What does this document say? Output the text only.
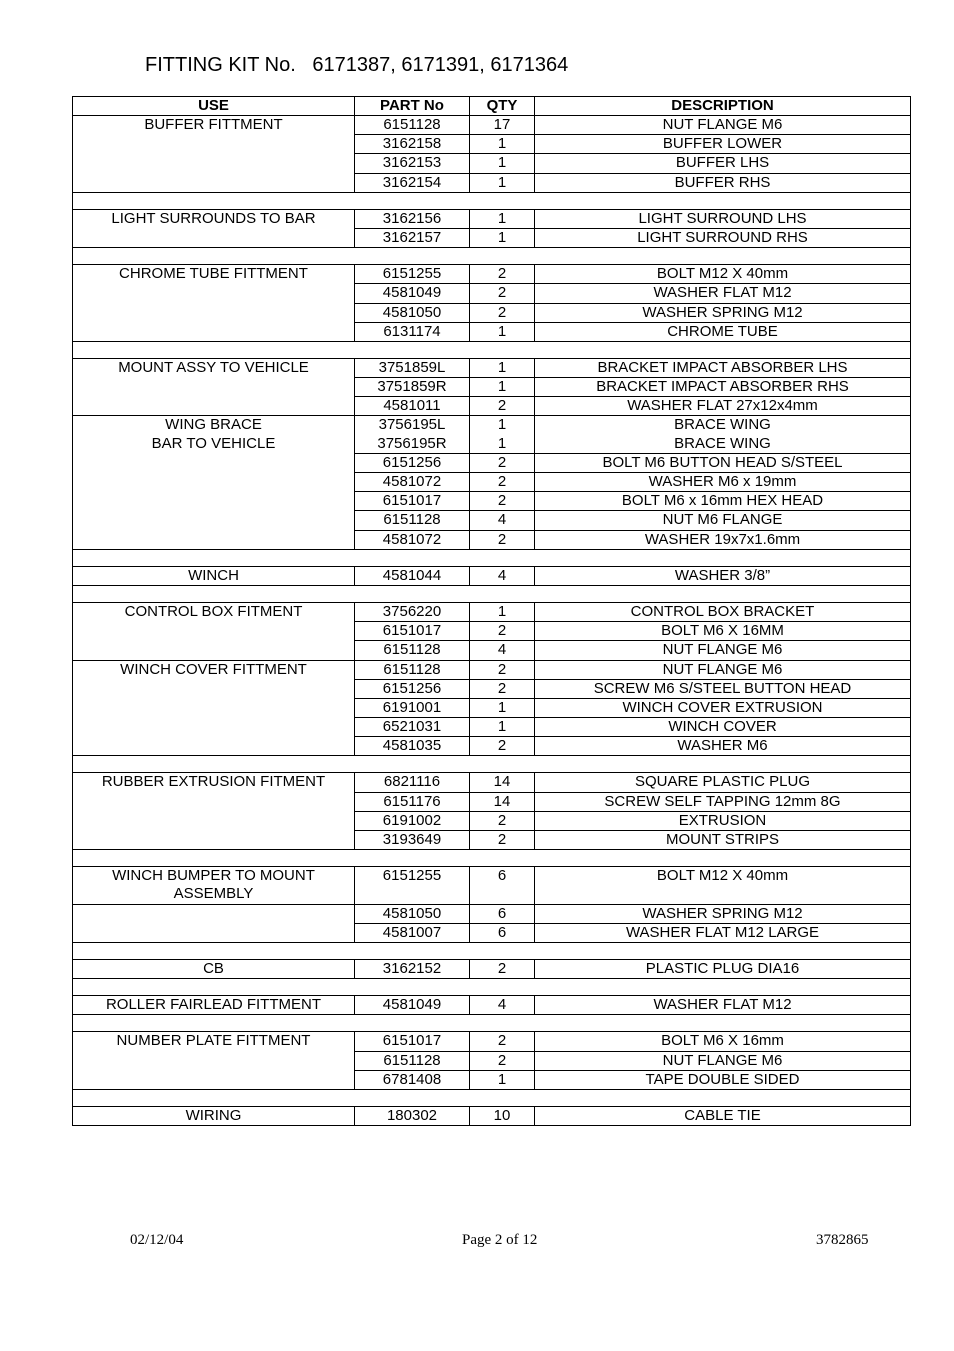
FITTING KIT No.   6171387, 6171391, 6171364
USE	PART No	QTY	DESCRIPTION
BUFFER FITTMENT	6151128	17	NUT FLANGE M6
	3162158	1	BUFFER LOWER
	3162153	1	BUFFER LHS
	3162154	1	BUFFER RHS

LIGHT SURROUNDS TO BAR	3162156	1	LIGHT SURROUND LHS
	3162157	1	LIGHT SURROUND RHS

CHROME TUBE FITTMENT	6151255	2	BOLT M12 X 40mm
	4581049	2	WASHER FLAT M12
	4581050	2	WASHER SPRING M12
	6131174	1	CHROME TUBE

MOUNT ASSY TO VEHICLE	3751859L	1	BRACKET IMPACT ABSORBER LHS
	3751859R	1	BRACKET IMPACT ABSORBER RHS
	4581011	2	WASHER FLAT 27x12x4mm
WING BRACE	3756195L	1	BRACE WING
BAR TO VEHICLE	3756195R	1	BRACE WING
	6151256	2	BOLT M6 BUTTON HEAD S/STEEL
	4581072	2	WASHER M6 x 19mm
	6151017	2	BOLT M6 x 16mm HEX HEAD
	6151128	4	NUT M6 FLANGE
	4581072	2	WASHER 19x7x1.6mm

WINCH	4581044	4	WASHER 3/8”

CONTROL BOX FITMENT	3756220	1	CONTROL BOX BRACKET
	6151017	2	BOLT M6 X 16MM
	6151128	4	NUT FLANGE M6
WINCH COVER FITTMENT	6151128	2	NUT FLANGE M6
	6151256	2	SCREW M6 S/STEEL BUTTON HEAD
	6191001	1	WINCH COVER EXTRUSION
	6521031	1	WINCH COVER
	4581035	2	WASHER M6

RUBBER EXTRUSION FITMENT	6821116	14	SQUARE PLASTIC PLUG
	6151176	14	SCREW SELF TAPPING 12mm 8G
	6191002	2	EXTRUSION
	3193649	2	MOUNT STRIPS

WINCH BUMPER TO MOUNT	6151255	6	BOLT M12 X 40mm
ASSEMBLY			
	4581050	6	WASHER SPRING M12
	4581007	6	WASHER FLAT M12 LARGE

CB	3162152	2	PLASTIC PLUG DIA16

ROLLER FAIRLEAD FITTMENT	4581049	4	WASHER FLAT M12

NUMBER PLATE FITTMENT	6151017	2	BOLT M6 X 16mm
	6151128	2	NUT FLANGE M6
	6781408	1	TAPE DOUBLE SIDED

WIRING	180302	10	CABLE TIE
02/12/04	Page 2 of 12	3782865
